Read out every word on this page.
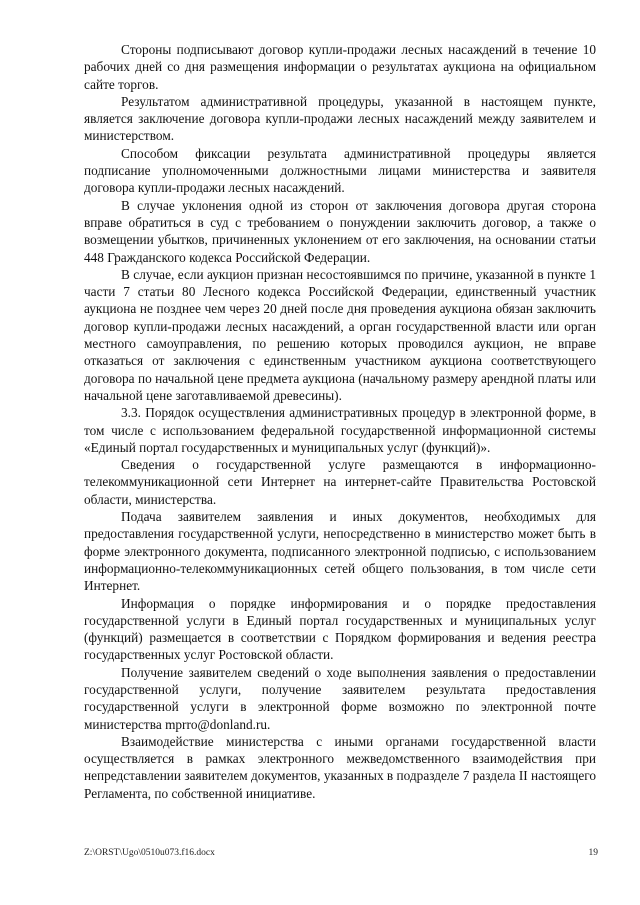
Стороны подписывают договор купли-продажи лесных насаждений в течение 10 рабочих дней со дня размещения информации о результатах аукциона на официальном сайте торгов.

Результатом административной процедуры, указанной в настоящем пункте, является заключение договора купли-продажи лесных насаждений между заявителем и министерством.

Способом фиксации результата административной процедуры является подписание уполномоченными должностными лицами министерства и заявителя договора купли-продажи лесных насаждений.

В случае уклонения одной из сторон от заключения договора другая сторона вправе обратиться в суд с требованием о понуждении заключить договор, а также о возмещении убытков, причиненных уклонением от его заключения, на основании статьи 448 Гражданского кодекса Российской Федерации.

В случае, если аукцион признан несостоявшимся по причине, указанной в пункте 1 части 7 статьи 80 Лесного кодекса Российской Федерации, единственный участник аукциона не позднее чем через 20 дней после дня проведения аукциона обязан заключить договор купли-продажи лесных насаждений, а орган государственной власти или орган местного самоуправления, по решению которых проводился аукцион, не вправе отказаться от заключения с единственным участником аукциона соответствующего договора по начальной цене предмета аукциона (начальному размеру арендной платы или начальной цене заготавливаемой древесины).

3.3. Порядок осуществления административных процедур в электронной форме, в том числе с использованием федеральной государственной информационной системы «Единый портал государственных и муниципальных услуг (функций)».

Сведения о государственной услуге размещаются в информационно-телекоммуникационной сети Интернет на интернет-сайте Правительства Ростовской области, министерства.

Подача заявителем заявления и иных документов, необходимых для предоставления государственной услуги, непосредственно в министерство может быть в форме электронного документа, подписанного электронной подписью, с использованием информационно-телекоммуникационных сетей общего пользования, в том числе сети Интернет.

Информация о порядке информирования и о порядке предоставления государственной услуги в Единый портал государственных и муниципальных услуг (функций) размещается в соответствии с Порядком формирования и ведения реестра государственных услуг Ростовской области.

Получение заявителем сведений о ходе выполнения заявления о предоставлении государственной услуги, получение заявителем результата предоставления государственной услуги в электронной форме возможно по электронной почте министерства mprro@donland.ru.

Взаимодействие министерства с иными органами государственной власти осуществляется в рамках электронного межведомственного взаимодействия при непредставлении заявителем документов, указанных в подразделе 7 раздела II настоящего Регламента, по собственной инициативе.

Z:\ORST\Ugo\0510u073.f16.docx	19
